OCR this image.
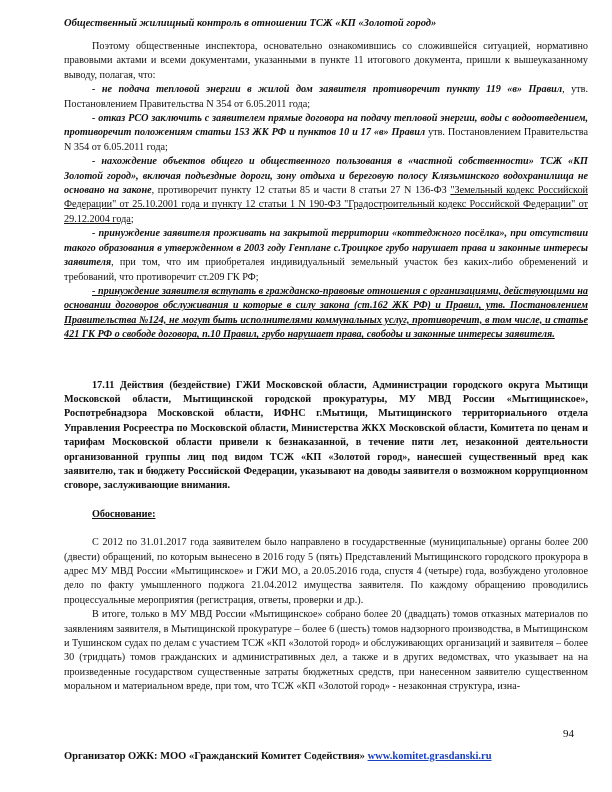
Общественный жилищный контроль в отношении ТСЖ «КП «Золотой город»

Поэтому общественные инспектора, основательно ознакомившись со сложившейся ситуацией, нормативно правовыми актами и всеми документами, указанными в пункте 11 итогового документа, пришли к вышеуказанному выводу, полагая, что:

- не подача тепловой энергии в жилой дом заявителя противоречит пункту 119 «в» Правил, утв. Постановлением Правительства N 354 от 6.05.2011 года;

- отказ РСО заключить с заявителем прямые договора на подачу тепловой энергии, воды с водоотведением, противоречит положениям статьи 153 ЖК РФ и пунктов 10 и 17 «в» Правил утв. Постановлением Правительства N 354 от 6.05.2011 года;

- нахождение объектов общего и общественного пользования в «частной собственности» ТСЖ «КП Золотой город», включая подъездные дороги, зону отдыха и береговую полосу Клязьминского водохранилища не основано на законе, противоречит пункту 12 статьи 85 и части 8 статьи 27 N 136-ФЗ "Земельный кодекс Российской Федерации" от 25.10.2001 года и пункту 12 статьи 1 N 190-ФЗ "Градостроительный кодекс Российской Федерации" от 29.12.2004 года;

- принуждение заявителя проживать на закрытой территории «коттеджного посёлка», при отсутствии такого образования в утвержденном в 2003 году Генплане с.Троицкое грубо нарушает права и законные интересы заявителя, при том, что им приобреталея индивидуальный земельный участок без каких-либо обременений и требований, что противоречит ст.209 ГК РФ;

- принуждение заявителя вступать в гражданско-правовые отношения с организациями, действующими на основании договоров обслуживания и которые в силу закона (ст.162 ЖК РФ) и Правил, утв. Постановлением Правительства №124, не могут быть исполнителями коммунальных услуг, противоречит, в том числе, и статье 421 ГК РФ о свободе договора, п.10 Правил, грубо нарушает права, свободы и законные интересы заявителя.

17.11 Действия (бездействие) ГЖИ Московской области, Администрации городского округа Мытищи Московской области, Мытищинской городской прокуратуры, МУ МВД России «Мытищинское», Роспотребнадзора Московской области, ИФНС г.Мытищи, Мытищинского территориального отдела Управления Росреестра по Московской области, Министерства ЖКХ Московской области, Комитета по ценам и тарифам Московской области привели к безнаказанной, в течение пяти лет, незаконной деятельности организованной группы лиц под видом ТСЖ «КП «Золотой город», нанесшей существенный вред как заявителю, так и бюджету Российской Федерации, указывают на доводы заявителя о возможном коррупционном сговоре, заслуживающие внимания.

Обоснование:

С 2012 по 31.01.2017 года заявителем было направлено в государственные (муниципальные) органы более 200 (двести) обращений, по которым вынесено в 2016 году 5 (пять) Представлений Мытищинского городского прокурора в адрес МУ МВД России «Мытищинское» и ГЖИ МО, а 20.05.2016 года, спустя 4 (четыре) года, возбуждено уголовное дело по факту умышленного поджога 21.04.2012 имущества заявителя. По каждому обращению проводились процессуальные мероприятия (регистрация, ответы, проверки и др.).

В итоге, только в МУ МВД России «Мытищинское» собрано более 20 (двадцать) томов отказных материалов по заявлениям заявителя, в Мытищинской прокуратуре – более 6 (шесть) томов надзорного производства, в Мытищинском и Тушинском судах по делам с участием ТСЖ «КП «Золотой город» и обслуживающих организаций и заявителя – более 30 (тридцать) томов гражданских и административных дел, а также и в других ведомствах, что указывает на на произведенные государством существенные затраты бюджетных средств, при нанесенном заявителю существенном моральном и материальном вреде, при том, что ТСЖ «КП «Золотой город» - незаконная структура, изна-

94
Организатор ОЖК: МОО «Гражданский Комитет Содействия» www.komitet.grasdanski.ru
